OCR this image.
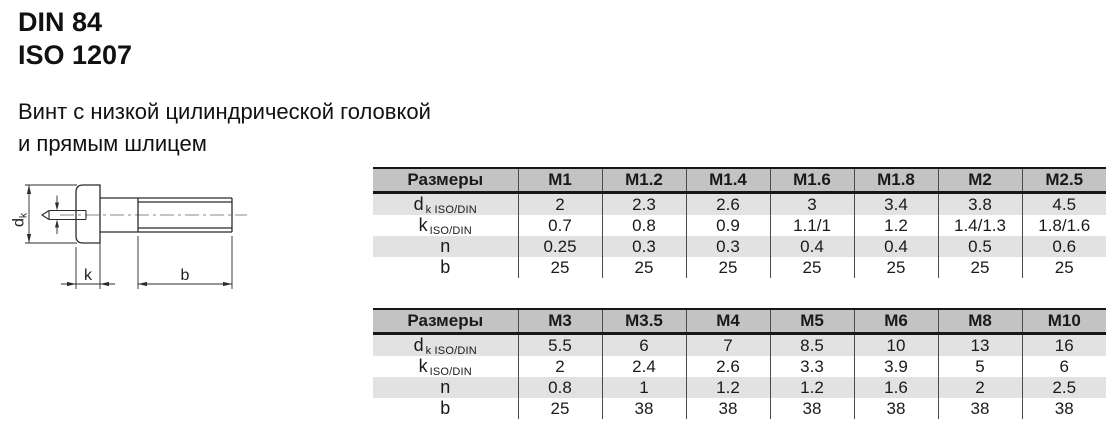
DIN 84
ISO 1207
Винт с низкой цилиндрической головкой
и прямым шлицем
dk
k	b
Размеры	M1	M1.2	M1.4	M1.6	M1.8	M2	M2.5
d k ISO/DIN	2	2.3	2.6	3	3.4	3.8	4.5
k ISO/DIN	0.7	0.8	0.9	1.1/1	1.2	1.4/1.3	1.8/1.6
n	0.25	0.3	0.3	0.4	0.4	0.5	0.6
b	25	25	25	25	25	25	25
Размеры	M3	M3.5	M4	M5	M6	M8	M10
d k ISO/DIN	5.5	6	7	8.5	10	13	16
k ISO/DIN	2	2.4	2.6	3.3	3.9	5	6
n	0.8	1	1.2	1.2	1.6	2	2.5
b	25	38	38	38	38	38	38
